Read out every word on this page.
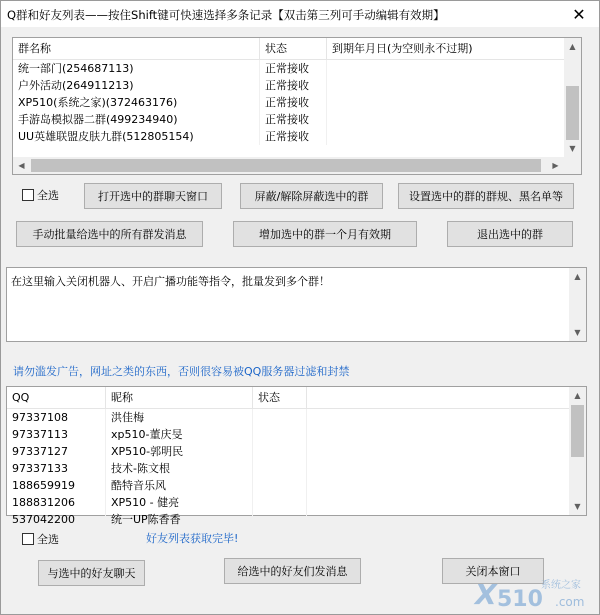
Q群和好友列表——按住Shift键可快速选择多条记录【双击第三列可手动编辑有效期】	✕
群名称	状态	到期年月日(为空则永不过期)
统一部门(254687113)	正常接收
户外活动(264911213)	正常接收
XP510(系统之家)(372463176)	正常接收
手游岛模拟器二群(499234940)	正常接收
UU英雄联盟皮肤九群(512805154)	正常接收
▲
▼
◀	▶
全选	打开选中的群聊天窗口	屏蔽/解除屏蔽选中的群	设置选中的群的群规、黑名单等
手动批量给选中的所有群发消息	增加选中的群一个月有效期	退出选中的群
在这里输入关闭机器人、开启广播功能等指令，批量发到多个群！	▲
▼
请勿滥发广告，网址之类的东西，否则很容易被QQ服务器过滤和封禁
QQ	昵称	状态
97337108	洪佳梅
97337113	xp510-董庆旻
97337127	XP510-郭明民
97337133	技术-陈文根
188659919	酷特音乐风
188831206	XP510 - 健亮
537042200	统一UP陈香香
▲
▼
全选	好友列表获取完毕!
与选中的好友聊天	给选中的好友们发消息	关闭本窗口
X 510
系统之家
.com
